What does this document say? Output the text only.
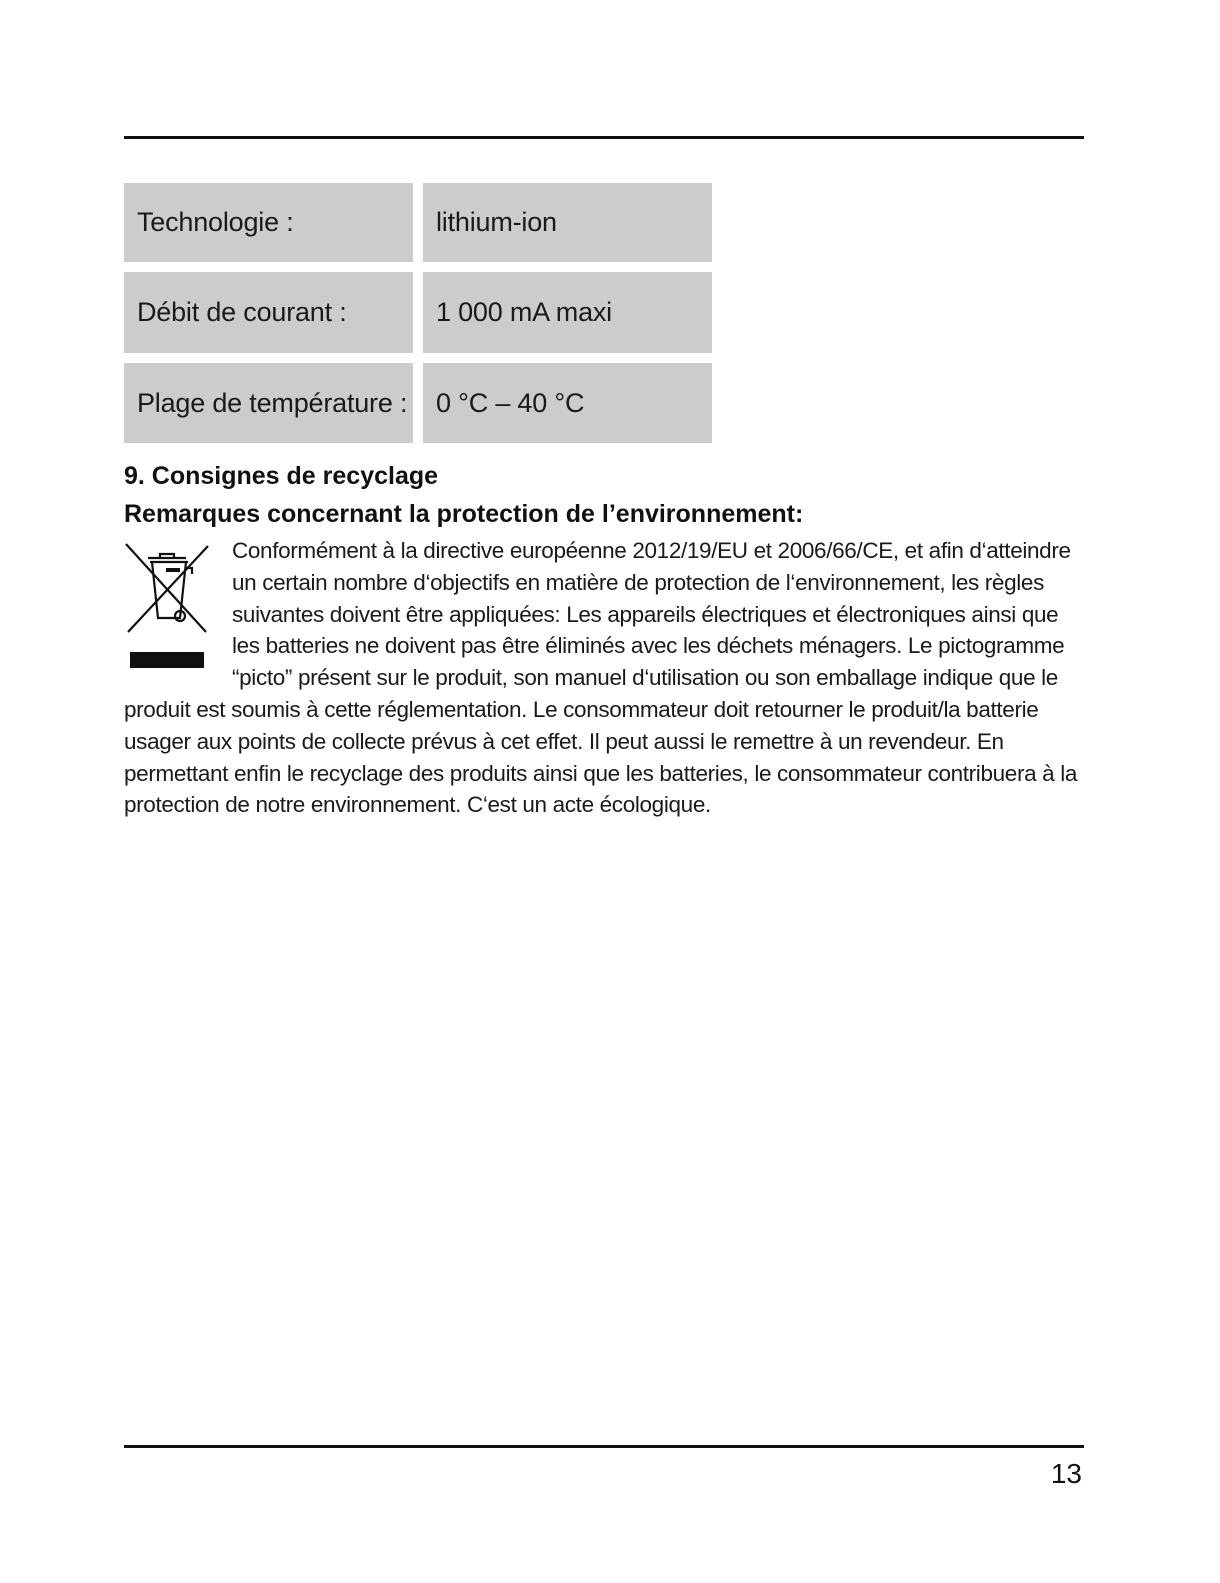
Technologie :	lithium-ion
Débit de courant :	1 000 mA maxi
Plage de température :	0 °C – 40 °C
9. Consignes de recyclage
Remarques concernant la protection de l’environnement:

Conformément à la directive européenne 2012/19/EU et 2006/66/CE, et afin d‘atteindre un certain nombre d‘objectifs en matière de protection de l‘environnement, les règles suivantes doivent être appliquées: Les appareils électriques et électroniques ainsi que les batteries ne doivent pas être éliminés avec les déchets ménagers. Le pictogramme “picto” présent sur le produit, son manuel d‘utilisation ou son emballage indique que le produit est soumis à cette réglementation. Le consommateur doit retourner le produit/la batterie usager aux points de collecte prévus à cet effet. Il peut aussi le remettre à un revendeur. En permettant enfin le recyclage des produits ainsi que les batteries, le consommateur contribuera à la protection de notre environnement. C‘est un acte écologique.

13
